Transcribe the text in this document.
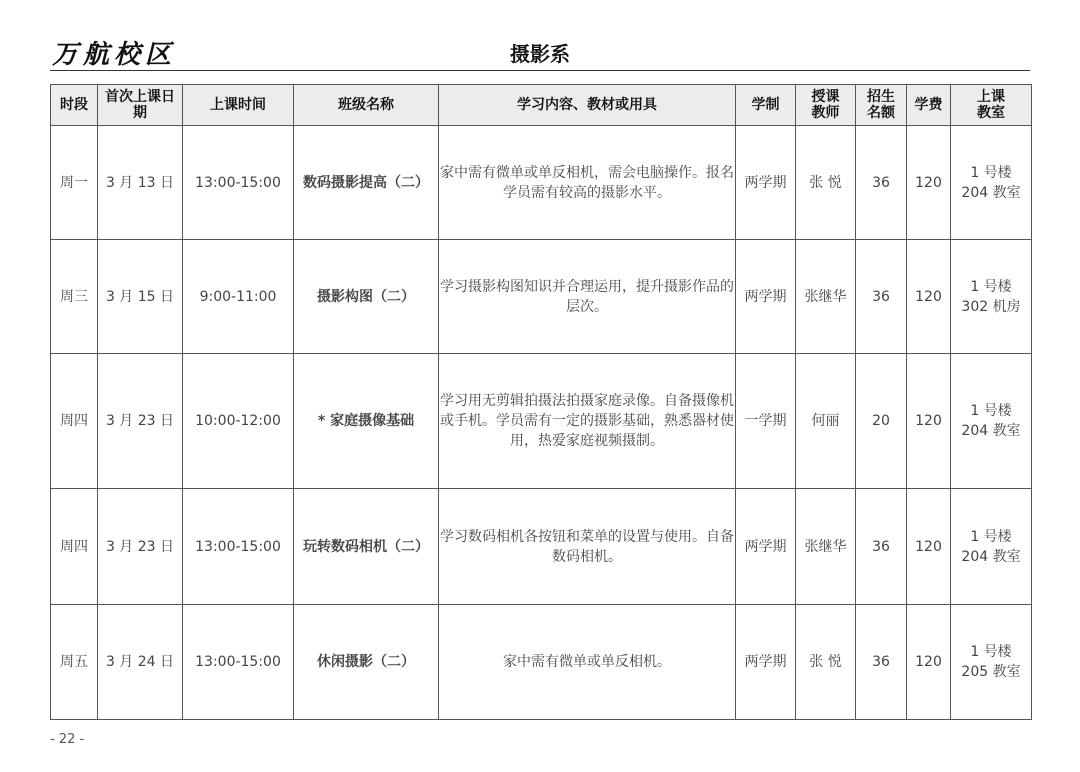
万航校区	摄影系
时段	首次上课日期	上课时间	班级名称	学习内容、教材或用具	学制	授课教师	招生名额	学费	上课教室
周一	3 月 13 日	13:00-15:00	数码摄影提高（二）	家中需有微单或单反相机，需会电脑操作。报名学员需有较高的摄影水平。	两学期	张 悦	36	120	1 号楼
204 教室

周三	3 月 15 日	9:00-11:00	摄影构图（二）	学习摄影构图知识并合理运用，提升摄影作品的层次。	两学期	张继华	36	120	1 号楼
302 机房

周四	3 月 23 日	10:00-12:00	* 家庭摄像基础	学习用无剪辑拍摄法拍摄家庭录像。自备摄像机或手机。学员需有一定的摄影基础，熟悉器材使用，热爱家庭视频摄制。	一学期	何丽	20	120	1 号楼
204 教室

周四	3 月 23 日	13:00-15:00	玩转数码相机（二）	学习数码相机各按钮和菜单的设置与使用。自备数码相机。	两学期	张继华	36	120	1 号楼
204 教室

周五	3 月 24 日	13:00-15:00	休闲摄影（二）	家中需有微单或单反相机。	两学期	张 悦	36	120	1 号楼
205 教室
- 22 -
